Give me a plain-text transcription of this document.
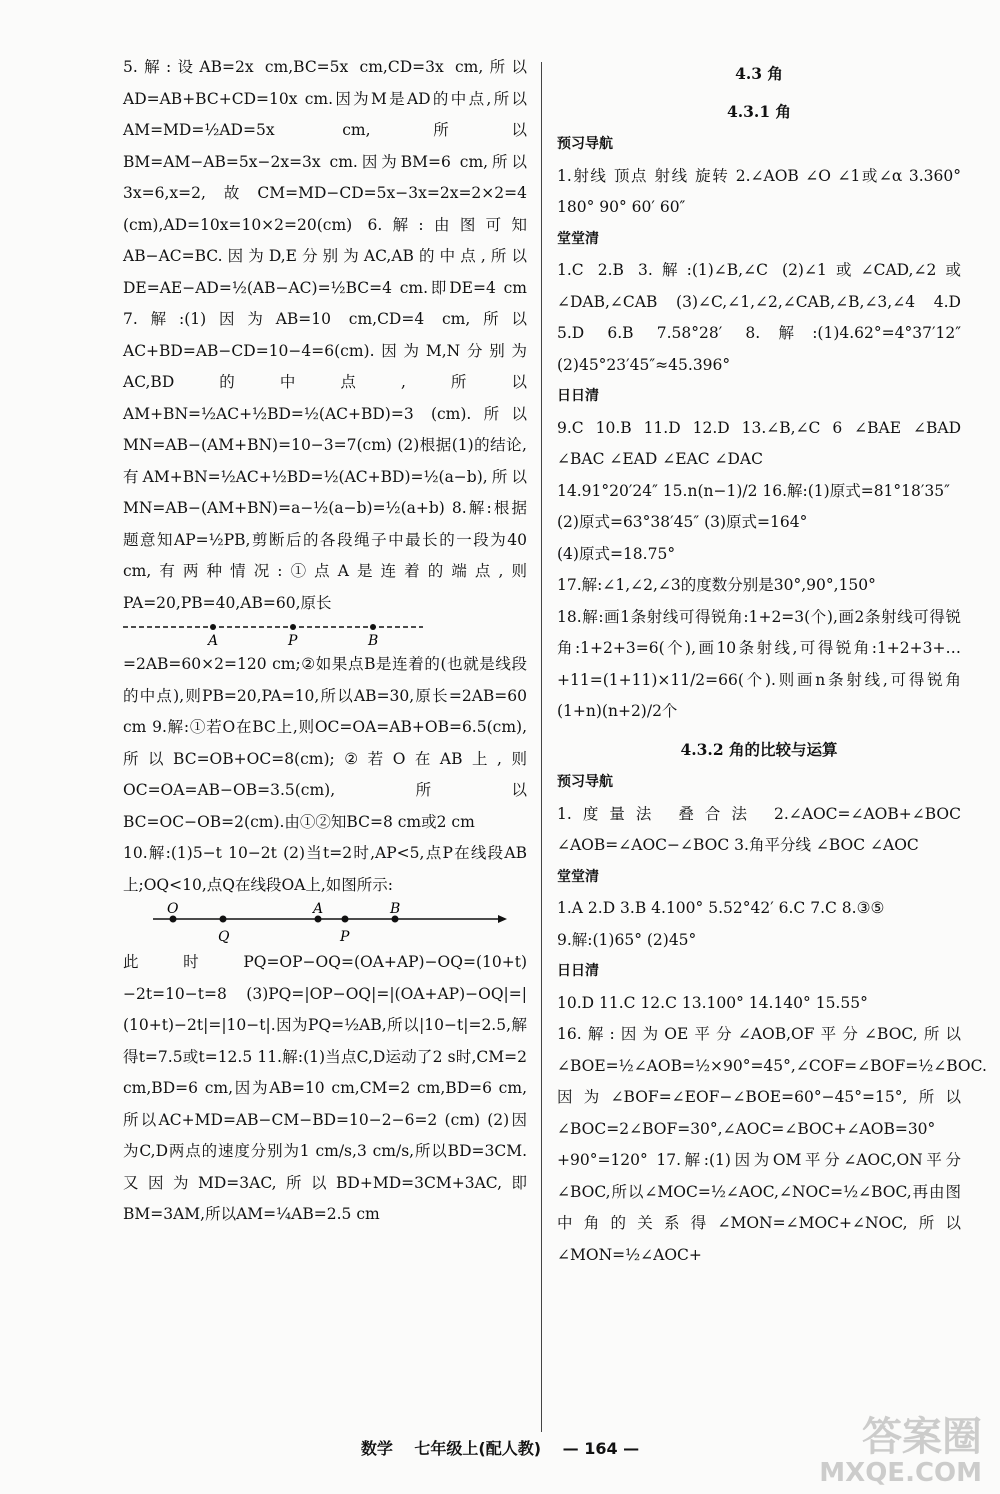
5.解:设AB=2x cm,BC=5x cm,CD=3x cm,所以AD=AB+BC+CD=10x cm.因为M是AD的中点,所以AM=MD=½AD=5x cm,所以BM=AM−AB=5x−2x=3x cm.因为BM=6 cm,所以3x=6,x=2,故CM=MD−CD=5x−3x=2x=2×2=4 (cm),AD=10x=10×2=20(cm) 6.解:由图可知AB−AC=BC.因为D,E分别为AC,AB的中点,所以DE=AE−AD=½(AB−AC)=½BC=4 cm.即DE=4 cm 7.解:(1)因为AB=10 cm,CD=4 cm,所以AC+BD=AB−CD=10−4=6(cm).因为M,N分别为AC,BD的中点,所以AM+BN=½AC+½BD=½(AC+BD)=3 (cm).所以MN=AB−(AM+BN)=10−3=7(cm) (2)根据(1)的结论,有AM+BN=½AC+½BD=½(AC+BD)=½(a−b),所以MN=AB−(AM+BN)=a−½(a−b)=½(a+b) 8.解:根据题意知AP=½PB,剪断后的各段绳子中最长的一段为40 cm,有两种情况:①点A是连着的端点,则PA=20,PB=40,AB=60,原长

A	P	B

=2AB=60×2=120 cm;②如果点B是连着的(也就是线段的中点),则PB=20,PA=10,所以AB=30,原长=2AB=60 cm 9.解:①若O在BC上,则OC=OA=AB+OB=6.5(cm),所以BC=OB+OC=8(cm);②若O在AB上,则OC=OA=AB−OB=3.5(cm),所以BC=OC−OB=2(cm).由①②知BC=8 cm或2 cm

10.解:(1)5−t 10−2t (2)当t=2时,AP<5,点P在线段AB上;OQ<10,点Q在线段OA上,如图所示:

O
Q
A
P
B

此时PQ=OP−OQ=(OA+AP)−OQ=(10+t)−2t=10−t=8 (3)PQ=|OP−OQ|=|(OA+AP)−OQ|=|(10+t)−2t|=|10−t|.因为PQ=½AB,所以|10−t|=2.5,解得t=7.5或t=12.5 11.解:(1)当点C,D运动了2 s时,CM=2 cm,BD=6 cm,因为AB=10 cm,CM=2 cm,BD=6 cm,所以AC+MD=AB−CM−BD=10−2−6=2 (cm) (2)因为C,D两点的速度分别为1 cm/s,3 cm/s,所以BD=3CM.又因为MD=3AC,所以BD+MD=3CM+3AC,即BM=3AM,所以AM=¼AB=2.5 cm

4.3 角
4.3.1 角
预习导航

1.射线 顶点 射线 旋转 2.∠AOB ∠O ∠1或∠α 3.360° 180° 90° 60′ 60″

堂堂清

1.C 2.B 3.解:(1)∠B,∠C (2)∠1或∠CAD,∠2或∠DAB,∠CAB (3)∠C,∠1,∠2,∠CAB,∠B,∠3,∠4 4.D 5.D 6.B 7.58°28′ 8.解:(1)4.62°=4°37′12″ (2)45°23′45″≈45.396°

日日清

9.C 10.B 11.D 12.D 13.∠B,∠C 6 ∠BAE ∠BAD ∠BAC ∠EAD ∠EAC ∠DAC

14.91°20′24″ 15.n(n−1)/2 16.解:(1)原式=81°18′35″

(2)原式=63°38′45″ (3)原式=164°

(4)原式=18.75°

17.解:∠1,∠2,∠3的度数分别是30°,90°,150°

18.解:画1条射线可得锐角:1+2=3(个),画2条射线可得锐角:1+2+3=6(个),画10条射线,可得锐角:1+2+3+…+11=(1+11)×11/2=66(个).则画n条射线,可得锐角(1+n)(n+2)/2个

4.3.2 角的比较与运算
预习导航

1.度量法 叠合法 2.∠AOC=∠AOB+∠BOC ∠AOB=∠AOC−∠BOC 3.角平分线 ∠BOC ∠AOC

堂堂清

1.A 2.D 3.B 4.100° 5.52°42′ 6.C 7.C 8.③⑤

9.解:(1)65° (2)45°

日日清

10.D 11.C 12.C 13.100° 14.140° 15.55°

16.解:因为OE平分∠AOB,OF平分∠BOC,所以∠BOE=½∠AOB=½×90°=45°,∠COF=∠BOF=½∠BOC.因为∠BOF=∠EOF−∠BOE=60°−45°=15°,所以∠BOC=2∠BOF=30°,∠AOC=∠BOC+∠AOB=30°+90°=120° 17.解:(1)因为OM平分∠AOC,ON平分∠BOC,所以∠MOC=½∠AOC,∠NOC=½∠BOC,再由图中角的关系得∠MON=∠MOC+∠NOC,所以∠MON=½∠AOC+

数学 七年级上(配人教) — 164 —	答案圈
MXQE.COM
